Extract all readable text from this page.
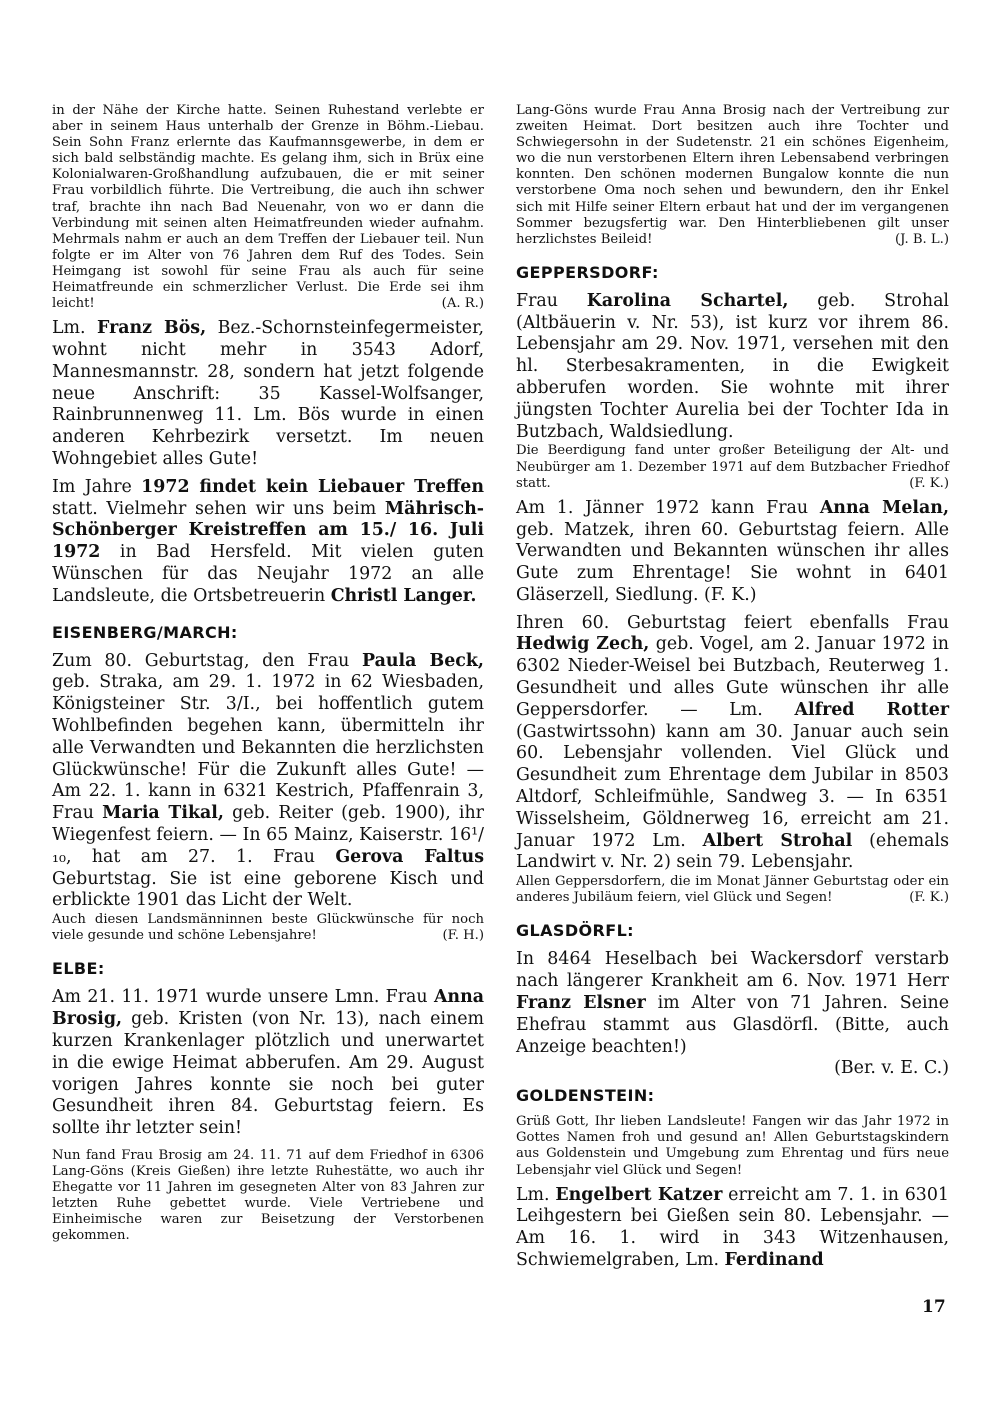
in der Nähe der Kirche hatte. Seinen Ruhestand verlebte er aber in seinem Haus unterhalb der Grenze in Böhm.-Liebau. Sein Sohn Franz erlernte das Kaufmannsgewerbe, in dem er sich bald selbständig machte. Es gelang ihm, sich in Brüx eine Kolonialwaren-Großhandlung aufzubauen, die er mit seiner Frau vorbildlich führte. Die Vertreibung, die auch ihn schwer traf, brachte ihn nach Bad Neuenahr, von wo er dann die Verbindung mit seinen alten Heimatfreunden wieder aufnahm. Mehrmals nahm er auch an dem Treffen der Liebauer teil. Nun folgte er im Alter von 76 Jahren dem Ruf des Todes. Sein Heimgang ist sowohl für seine Frau als auch für seine Heimatfreunde ein schmerzlicher Verlust. Die Erde sei ihm leicht!	(A. R.)

Lm. Franz Bös, Bez.-Schornsteinfegermeister, wohnt nicht mehr in 3543 Adorf, Mannesmannstr. 28, sondern hat jetzt folgende neue Anschrift: 35 Kassel-Wolfsanger, Rainbrunnenweg 11. Lm. Bös wurde in einen anderen Kehrbezirk versetzt. Im neuen Wohngebiet alles Gute!

Im Jahre 1972 findet kein Liebauer Treffen statt. Vielmehr sehen wir uns beim Mährisch-Schönberger Kreistreffen am 15./ 16. Juli 1972 in Bad Hersfeld. Mit vielen guten Wünschen für das Neujahr 1972 an alle Landsleute, die Ortsbetreuerin Christl Langer.

EISENBERG/MARCH:

Zum 80. Geburtstag, den Frau Paula Beck, geb. Straka, am 29. 1. 1972 in 62 Wiesbaden, Königsteiner Str. 3/I., bei hoffentlich gutem Wohlbefinden begehen kann, übermitteln ihr alle Verwandten und Bekannten die herzlichsten Glückwünsche! Für die Zukunft alles Gute! — Am 22. 1. kann in 6321 Kestrich, Pfaffenrain 3, Frau Maria Tikal, geb. Reiter (geb. 1900), ihr Wiegenfest feiern. — In 65 Mainz, Kaiserstr. 16¹/₁₀, hat am 27. 1. Frau Gerova Faltus Geburtstag. Sie ist eine geborene Kisch und erblickte 1901 das Licht der Welt.

Auch diesen Landsmänninnen beste Glückwünsche für noch viele gesunde und schöne Lebensjahre!	(F. H.)

ELBE:

Am 21. 11. 1971 wurde unsere Lmn. Frau Anna Brosig, geb. Kristen (von Nr. 13), nach einem kurzen Krankenlager plötzlich und unerwartet in die ewige Heimat abberufen. Am 29. August vorigen Jahres konnte sie noch bei guter Gesundheit ihren 84. Geburtstag feiern. Es sollte ihr letzter sein!

Nun fand Frau Brosig am 24. 11. 71 auf dem Friedhof in 6306 Lang-Göns (Kreis Gießen) ihre letzte Ruhestätte, wo auch ihr Ehegatte vor 11 Jahren im gesegneten Alter von 83 Jahren zur letzten Ruhe gebettet wurde. Viele Vertriebene und Einheimische waren zur Beisetzung der Verstorbenen gekommen.

Lang-Göns wurde Frau Anna Brosig nach der Vertreibung zur zweiten Heimat. Dort besitzen auch ihre Tochter und Schwiegersohn in der Sudetenstr. 21 ein schönes Eigenheim, wo die nun verstorbenen Eltern ihren Lebensabend verbringen konnten. Den schönen modernen Bungalow konnte die nun verstorbene Oma noch sehen und bewundern, den ihr Enkel sich mit Hilfe seiner Eltern erbaut hat und der im vergangenen Sommer bezugsfertig war. Den Hinterbliebenen gilt unser herzlichstes Beileid!	(J. B. L.)

GEPPERSDORF:

Frau Karolina Schartel, geb. Strohal (Altbäuerin v. Nr. 53), ist kurz vor ihrem 86. Lebensjahr am 29. Nov. 1971, versehen mit den hl. Sterbesakramenten, in die Ewigkeit abberufen worden. Sie wohnte mit ihrer jüngsten Tochter Aurelia bei der Tochter Ida in Butzbach, Waldsiedlung.

Die Beerdigung fand unter großer Beteiligung der Alt- und Neubürger am 1. Dezember 1971 auf dem Butzbacher Friedhof statt.	(F. K.)

Am 1. Jänner 1972 kann Frau Anna Melan, geb. Matzek, ihren 60. Geburtstag feiern. Alle Verwandten und Bekannten wünschen ihr alles Gute zum Ehrentage! Sie wohnt in 6401 Gläserzell, Siedlung. (F. K.)

Ihren 60. Geburtstag feiert ebenfalls Frau Hedwig Zech, geb. Vogel, am 2. Januar 1972 in 6302 Nieder-Weisel bei Butzbach, Reuterweg 1. Gesundheit und alles Gute wünschen ihr alle Geppersdorfer. — Lm. Alfred Rotter (Gastwirtssohn) kann am 30. Januar auch sein 60. Lebensjahr vollenden. Viel Glück und Gesundheit zum Ehrentage dem Jubilar in 8503 Altdorf, Schleifmühle, Sandweg 3. — In 6351 Wisselsheim, Göldnerweg 16, erreicht am 21. Januar 1972 Lm. Albert Strohal (ehemals Landwirt v. Nr. 2) sein 79. Lebensjahr.

Allen Geppersdorfern, die im Monat Jänner Geburtstag oder ein anderes Jubiläum feiern, viel Glück und Segen!	(F. K.)

GLASDÖRFL:

In 8464 Heselbach bei Wackersdorf verstarb nach längerer Krankheit am 6. Nov. 1971 Herr Franz Elsner im Alter von 71 Jahren. Seine Ehefrau stammt aus Glasdörfl. (Bitte, auch Anzeige beachten!)

(Ber. v. E. C.)

GOLDENSTEIN:

Grüß Gott, Ihr lieben Landsleute! Fangen wir das Jahr 1972 in Gottes Namen froh und gesund an! Allen Geburtstagskindern aus Goldenstein und Umgebung zum Ehrentag und fürs neue Lebensjahr viel Glück und Segen!

Lm. Engelbert Katzer erreicht am 7. 1. in 6301 Leihgestern bei Gießen sein 80. Lebensjahr. — Am 16. 1. wird in 343 Witzenhausen, Schwiemelgraben, Lm. Ferdinand

17
